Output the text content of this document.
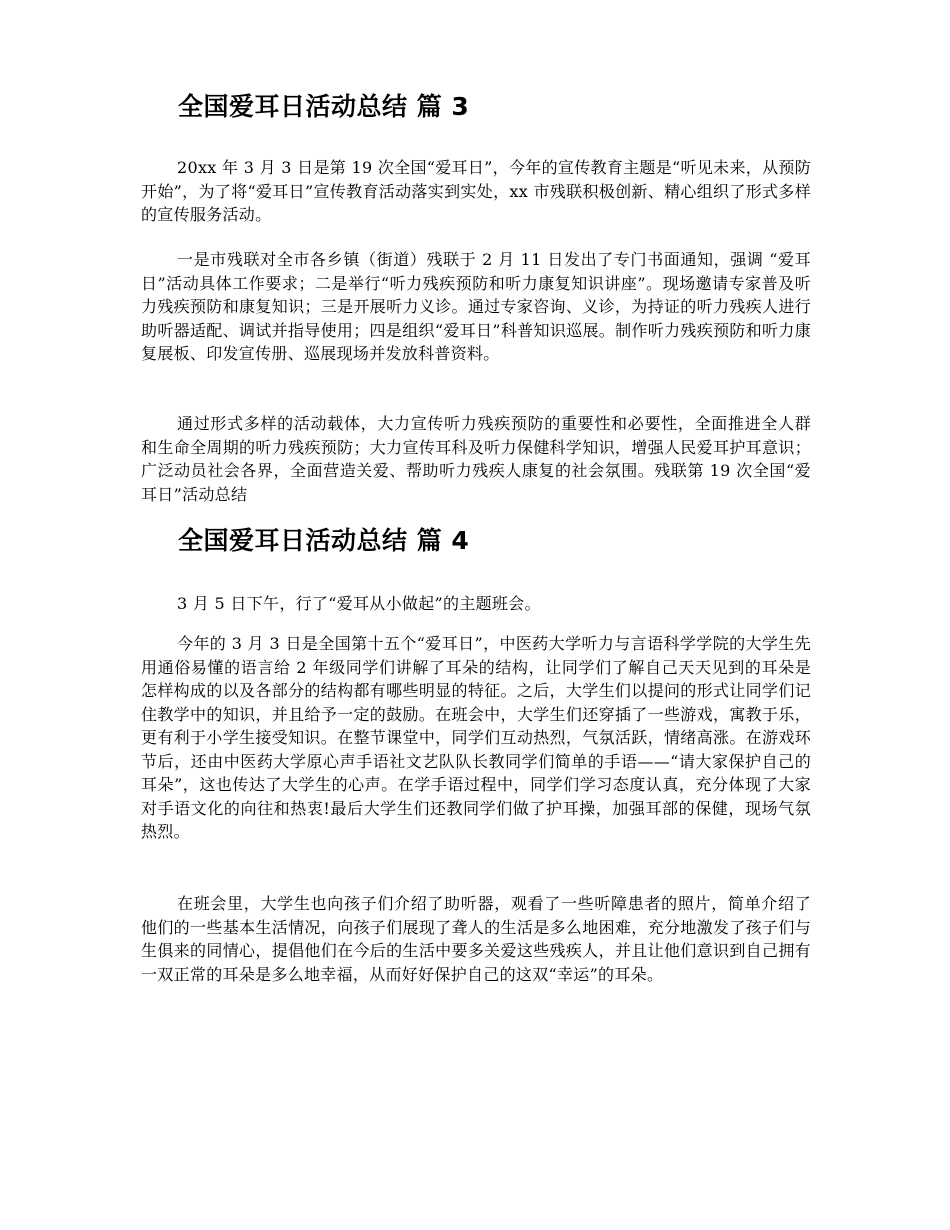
全国爱耳日活动总结 篇 3

20xx 年 3 月 3 日是第 19 次全国“爱耳日”，今年的宣传教育主题是“听见未来，从预防开始”，为了将“爱耳日”宣传教育活动落实到实处，xx 市残联积极创新、精心组织了形式多样的宣传服务活动。

一是市残联对全市各乡镇（街道）残联于 2 月 11 日发出了专门书面通知，强调 “爱耳日”活动具体工作要求；二是举行“听力残疾预防和听力康复知识讲座”。现场邀请专家普及听力残疾预防和康复知识；三是开展听力义诊。通过专家咨询、义诊，为持证的听力残疾人进行助听器适配、调试并指导使用；四是组织“爱耳日”科普知识巡展。制作听力残疾预防和听力康复展板、印发宣传册、巡展现场并发放科普资料。

通过形式多样的活动载体，大力宣传听力残疾预防的重要性和必要性，全面推进全人群和生命全周期的听力残疾预防；大力宣传耳科及听力保健科学知识，增强人民爱耳护耳意识；广泛动员社会各界，全面营造关爱、帮助听力残疾人康复的社会氛围。残联第 19 次全国“爱耳日”活动总结

全国爱耳日活动总结 篇 4

3 月 5 日下午，行了“爱耳从小做起”的主题班会。

今年的 3 月 3 日是全国第十五个“爱耳日”，中医药大学听力与言语科学学院的大学生先用通俗易懂的语言给 2 年级同学们讲解了耳朵的结构，让同学们了解自己天天见到的耳朵是怎样构成的以及各部分的结构都有哪些明显的特征。之后，大学生们以提问的形式让同学们记住教学中的知识，并且给予一定的鼓励。在班会中，大学生们还穿插了一些游戏，寓教于乐，更有利于小学生接受知识。在整节课堂中，同学们互动热烈，气氛活跃，情绪高涨。在游戏环节后，还由中医药大学原心声手语社文艺队队长教同学们简单的手语——“请大家保护自己的耳朵”，这也传达了大学生的心声。在学手语过程中，同学们学习态度认真，充分体现了大家对手语文化的向往和热衷!最后大学生们还教同学们做了护耳操，加强耳部的保健，现场气氛热烈。

在班会里，大学生也向孩子们介绍了助听器，观看了一些听障患者的照片，简单介绍了他们的一些基本生活情况，向孩子们展现了聋人的生活是多么地困难，充分地激发了孩子们与生俱来的同情心，提倡他们在今后的生活中要多关爱这些残疾人，并且让他们意识到自己拥有一双正常的耳朵是多么地幸福，从而好好保护自己的这双“幸运”的耳朵。
